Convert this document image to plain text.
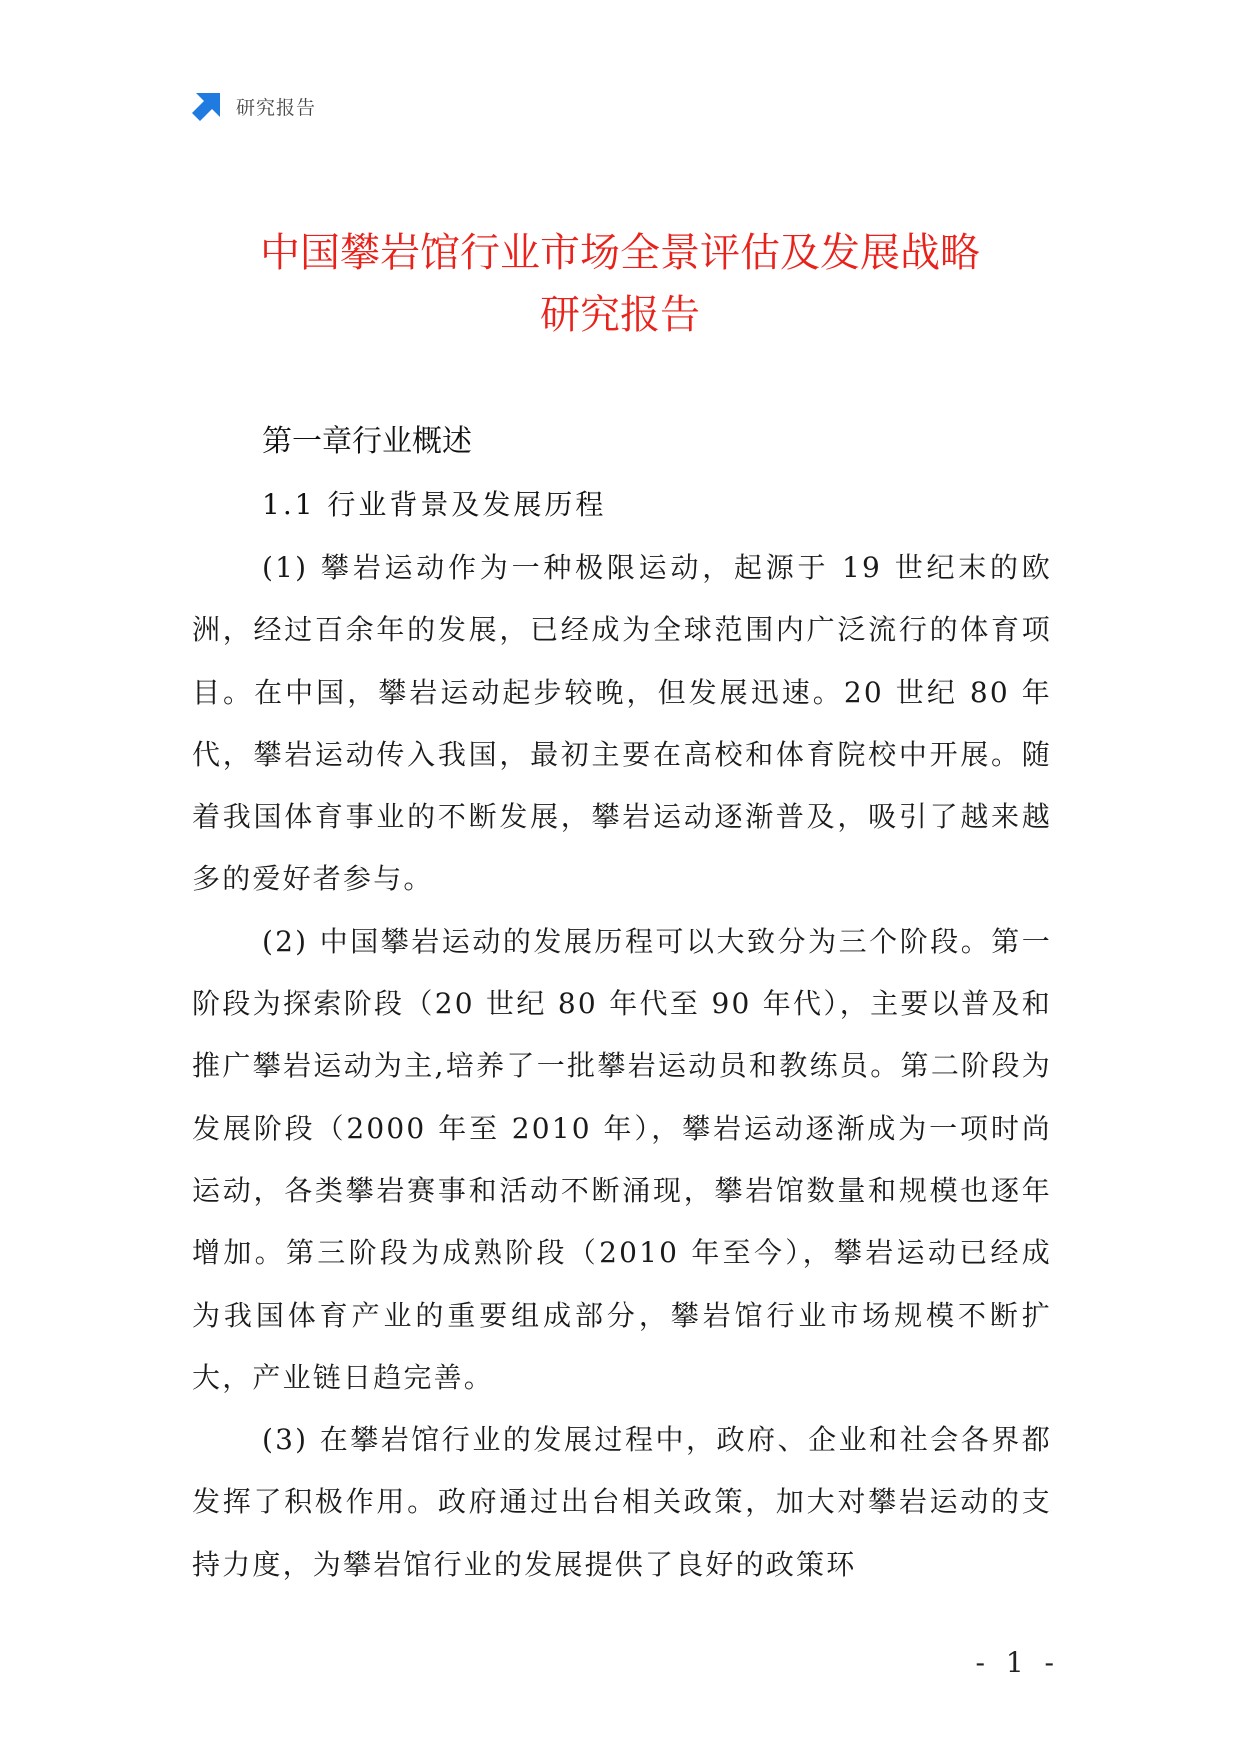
研究报告
中国攀岩馆行业市场全景评估及发展战略
研究报告
第一章行业概述
1.1 行业背景及发展历程

(1) 攀岩运动作为一种极限运动，起源于 19 世纪末的欧洲，经过百余年的发展，已经成为全球范围内广泛流行的体育项目。在中国，攀岩运动起步较晚，但发展迅速。20 世纪 80 年代，攀岩运动传入我国，最初主要在高校和体育院校中开展。随着我国体育事业的不断发展，攀岩运动逐渐普及，吸引了越来越多的爱好者参与。

(2) 中国攀岩运动的发展历程可以大致分为三个阶段。第一阶段为探索阶段（20 世纪 80 年代至 90 年代），主要以普及和推广攀岩运动为主,培养了一批攀岩运动员和教练员。第二阶段为发展阶段（2000 年至 2010 年），攀岩运动逐渐成为一项时尚运动，各类攀岩赛事和活动不断涌现，攀岩馆数量和规模也逐年增加。第三阶段为成熟阶段（2010 年至今），攀岩运动已经成为我国体育产业的重要组成部分，攀岩馆行业市场规模不断扩大，产业链日趋完善。

(3) 在攀岩馆行业的发展过程中，政府、企业和社会各界都发挥了积极作用。政府通过出台相关政策，加大对攀岩运动的支持力度，为攀岩馆行业的发展提供了良好的政策环

- 1 -
